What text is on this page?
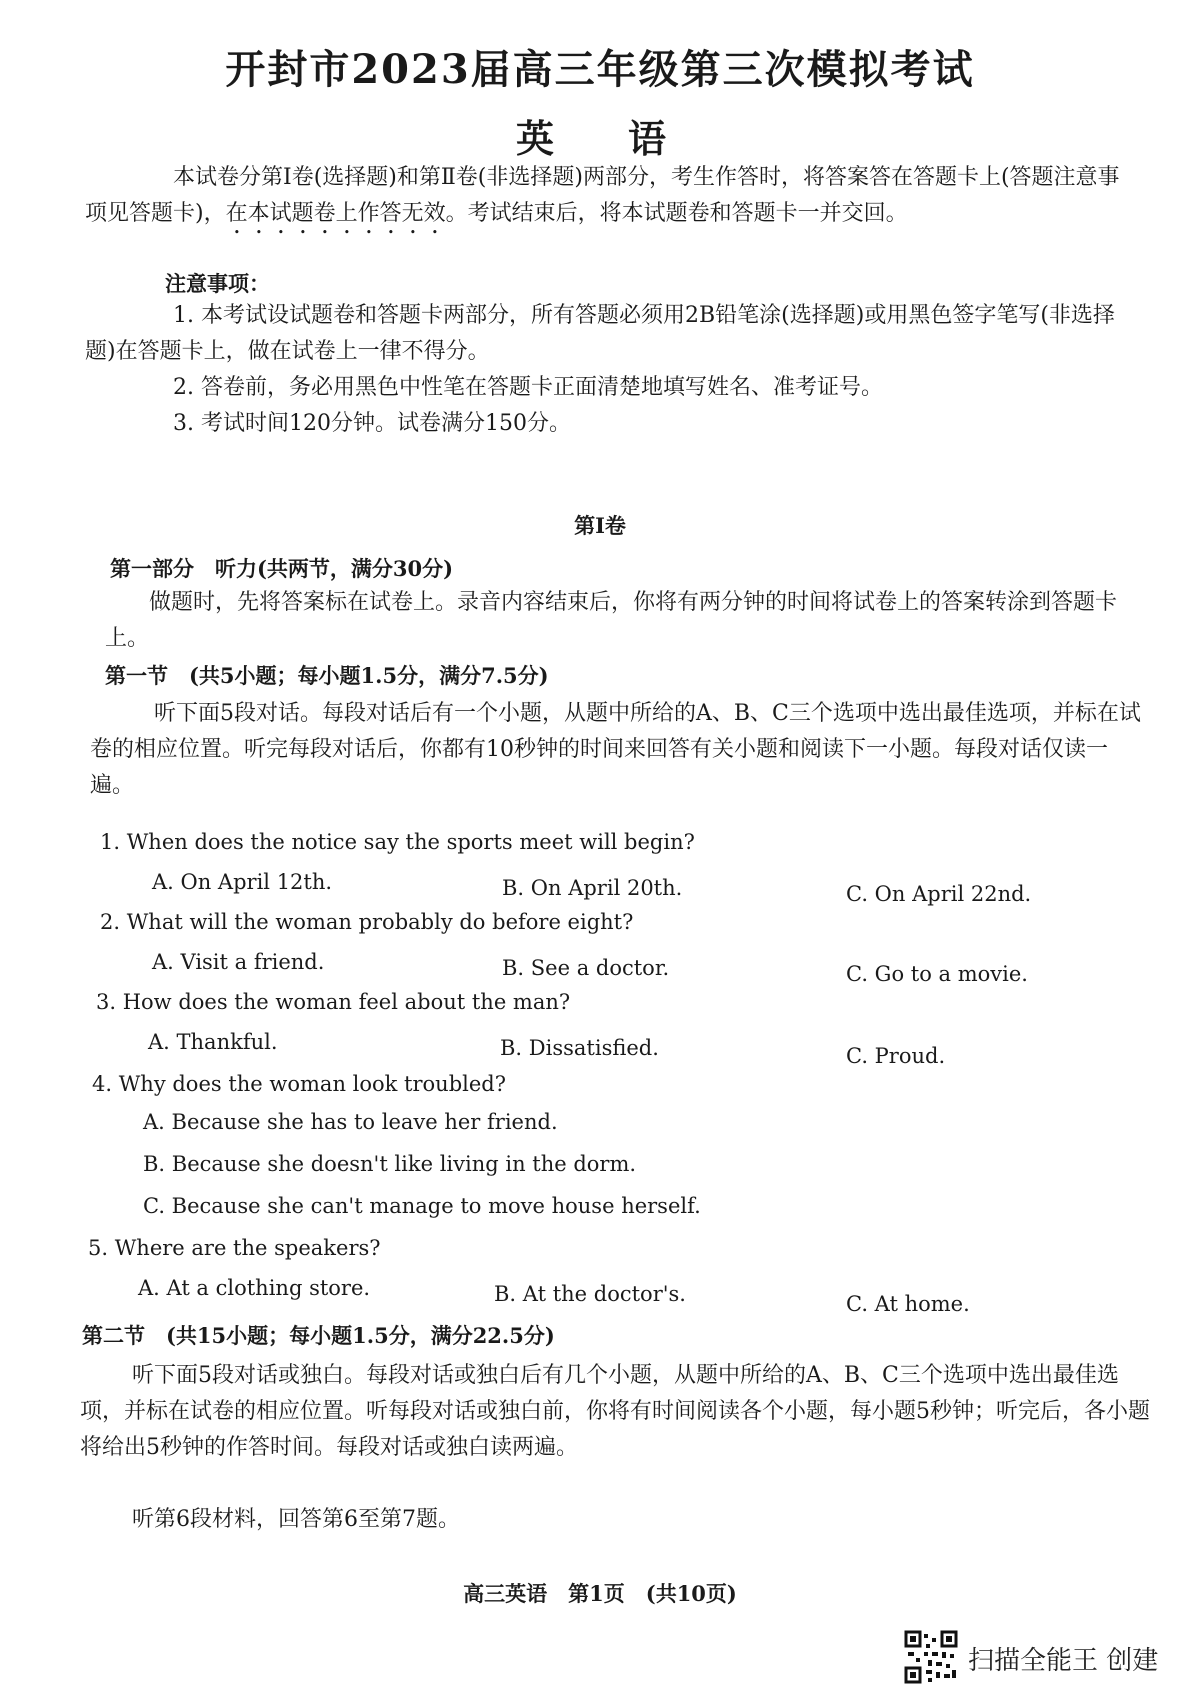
开封市2023届高三年级第三次模拟考试
英　语
本试卷分第Ⅰ卷(选择题)和第Ⅱ卷(非选择题)两部分，考生作答时，将答案答在答题卡上(答题注意事项见答题卡)，在本试题卷上作答无效。考试结束后，将本试题卷和答题卡一并交回。
注意事项：
1. 本考试设试题卷和答题卡两部分，所有答题必须用2B铅笔涂(选择题)或用黑色签字笔写(非选择题)在答题卡上，做在试卷上一律不得分。
2. 答卷前，务必用黑色中性笔在答题卡正面清楚地填写姓名、准考证号。
3. 考试时间120分钟。试卷满分150分。
第Ⅰ卷
第一部分　听力(共两节，满分30分)
做题时，先将答案标在试卷上。录音内容结束后，你将有两分钟的时间将试卷上的答案转涂到答题卡上。
第一节　(共5小题；每小题1.5分，满分7.5分)
听下面5段对话。每段对话后有一个小题，从题中所给的A、B、C三个选项中选出最佳选项，并标在试卷的相应位置。听完每段对话后，你都有10秒钟的时间来回答有关小题和阅读下一小题。每段对话仅读一遍。
1. When does the notice say the sports meet will begin?
A. On April 12th.	B. On April 20th.	C. On April 22nd.
2. What will the woman probably do before eight?
A. Visit a friend.	B. See a doctor.	C. Go to a movie.
3. How does the woman feel about the man?
A. Thankful.	B. Dissatisfied.	C. Proud.
4. Why does the woman look troubled?
A. Because she has to leave her friend.
B. Because she doesn't like living in the dorm.
C. Because she can't manage to move house herself.
5. Where are the speakers?
A. At a clothing store.	B. At the doctor's.	C. At home.
第二节　(共15小题；每小题1.5分，满分22.5分)
听下面5段对话或独白。每段对话或独白后有几个小题，从题中所给的A、B、C三个选项中选出最佳选项，并标在试卷的相应位置。听每段对话或独白前，你将有时间阅读各个小题，每小题5秒钟；听完后，各小题将给出5秒钟的作答时间。每段对话或独白读两遍。
听第6段材料，回答第6至第7题。
高三英语　第1页　(共10页)
扫描全能王 创建
